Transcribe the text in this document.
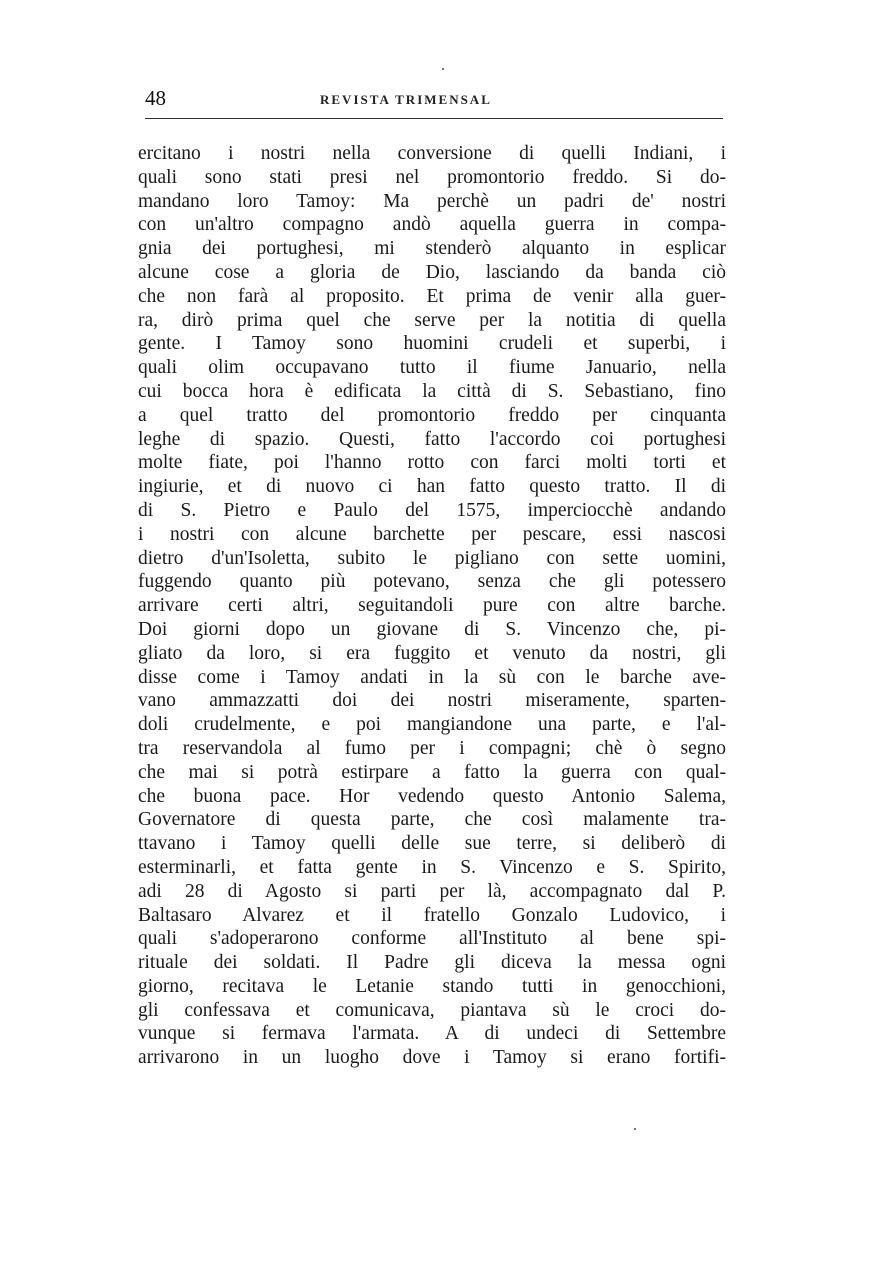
48	REVISTA TRIMENSAL
ercitano i nostri nella conversione di quelli Indiani, i
quali sono stati presi nel promontorio freddo. Si do-
mandano loro Tamoy: Ma perchè un padri de' nostri
con un'altro compagno andò aquella guerra in compa-
gnia dei portughesi, mi stenderò alquanto in esplicar
alcune cose a gloria de Dio, lasciando da banda ciò
che non farà al proposito. Et prima de venir alla guer-
ra, dirò prima quel che serve per la notitia di quella
gente. I Tamoy sono huomini crudeli et superbi, i
quali olim occupavano tutto il fiume Januario, nella
cui bocca hora è edificata la città di S. Sebastiano, fino
a quel tratto del promontorio freddo per cinquanta
leghe di spazio. Questi, fatto l'accordo coi portughesi
molte fiate, poi l'hanno rotto con farci molti torti et
ingiurie, et di nuovo ci han fatto questo tratto. Il di
di S. Pietro e Paulo del 1575, imperciocchè andando
i nostri con alcune barchette per pescare, essi nascosi
dietro d'un'Isoletta, subito le pigliano con sette uomini,
fuggendo quanto più potevano, senza che gli potessero
arrivare certi altri, seguitandoli pure con altre barche.
Doi giorni dopo un giovane di S. Vincenzo che, pi-
gliato da loro, si era fuggito et venuto da nostri, gli
disse come i Tamoy andati in la sù con le barche ave-
vano ammazzatti doi dei nostri miseramente, sparten-
doli crudelmente, e poi mangiandone una parte, e l'al-
tra reservandola al fumo per i compagni; chè ò segno
che mai si potrà estirpare a fatto la guerra con qual-
che buona pace. Hor vedendo questo Antonio Salema,
Governatore di questa parte, che così malamente tra-
ttavano i Tamoy quelli delle sue terre, si deliberò di
esterminarli, et fatta gente in S. Vincenzo e S. Spirito,
adi 28 di Agosto si parti per là, accompagnato dal P.
Baltasaro Alvarez et il fratello Gonzalo Ludovico, i
quali s'adoperarono conforme all'Instituto al bene spi-
rituale dei soldati. Il Padre gli diceva la messa ogni
giorno, recitava le Letanie stando tutti in genocchioni,
gli confessava et comunicava, piantava sù le croci do-
vunque si fermava l'armata. A di undeci di Settembre
arrivarono in un luogho dove i Tamoy si erano fortifi-
